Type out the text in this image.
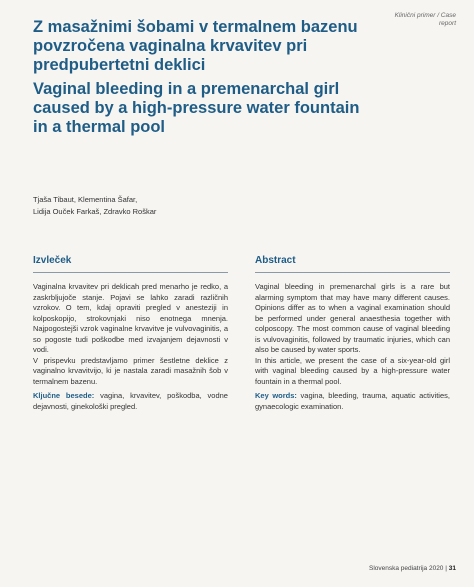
Klinični primer / Case report
Z masažnimi šobami v termalnem bazenu povzročena vaginalna krvavitev pri predpubertetni deklici
Vaginal bleeding in a premenarchal girl caused by a high-pressure water fountain in a thermal pool
Tjaša Tibaut, Klementina Šafar,
Lidija Ouček Farkaš, Zdravko Roškar
Izvleček

Vaginalna krvavitev pri deklicah pred menarho je redko, a zaskrbljujoče stanje. Pojavi se lahko zaradi različnih vzrokov. O tem, kdaj opraviti pregled v anesteziji in kolposkopijo, strokovnjaki niso enotnega mnenja. Najpogostejši vzrok vaginalne krvavitve je vulvovaginitis, a so pogoste tudi poškodbe med izvajanjem dejavnosti v vodi.

V prispevku predstavljamo primer šestletne deklice z vaginalno krvavitvijo, ki je nastala zaradi masažnih šob v termalnem bazenu.

Ključne besede: vagina, krvavitev, poškodba, vodne dejavnosti, ginekološki pregled.

Abstract

Vaginal bleeding in premenarchal girls is a rare but alarming symptom that may have many different causes. Opinions differ as to when a vaginal examination should be performed under general anaesthesia together with colposcopy. The most common cause of vaginal bleeding is vulvovaginitis, followed by traumatic injuries, which can also be caused by water sports.

In this article, we present the case of a six-year-old girl with vaginal bleeding caused by a high-pressure water fountain in a thermal pool.

Key words: vagina, bleeding, trauma, aquatic activities, gynaecologic examination.

Slovenska pediatrija 2020 | 31
